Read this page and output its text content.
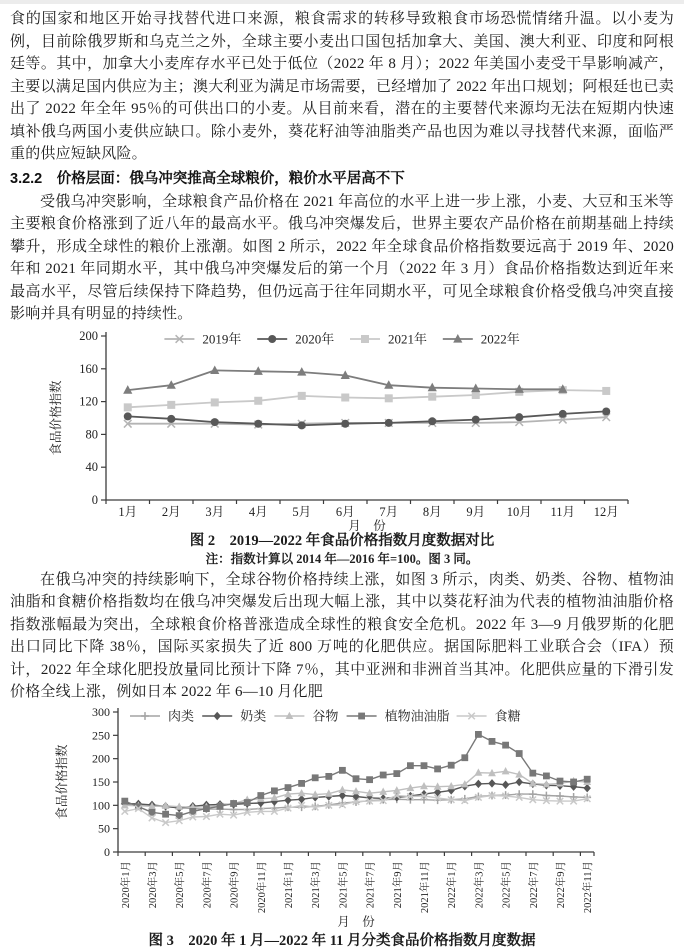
食的国家和地区开始寻找替代进口来源，粮食需求的转移导致粮食市场恐慌情绪升温。以小麦为例，目前除俄罗斯和乌克兰之外，全球主要小麦出口国包括加拿大、美国、澳大利亚、印度和阿根廷等。其中，加拿大小麦库存水平已处于低位（2022 年 8 月）；2022 年美国小麦受干旱影响减产，主要以满足国内供应为主；澳大利亚为满足市场需要，已经增加了 2022 年出口规划；阿根廷也已卖出了 2022 年全年 95％的可供出口的小麦。从目前来看，潜在的主要替代来源均无法在短期内快速填补俄乌两国小麦供应缺口。除小麦外，葵花籽油等油脂类产品也因为难以寻找替代来源，面临严重的供应短缺风险。

3.2.2　价格层面：俄乌冲突推高全球粮价，粮价水平居高不下

受俄乌冲突影响，全球粮食产品价格在 2021 年高位的水平上进一步上涨，小麦、大豆和玉米等主要粮食价格涨到了近八年的最高水平。俄乌冲突爆发后，世界主要农产品价格在前期基础上持续攀升，形成全球性的粮价上涨潮。如图 2 所示，2022 年全球食品价格指数要远高于 2019 年、2020 年和 2021 年同期水平，其中俄乌冲突爆发后的第一个月（2022 年 3 月）食品价格指数达到近年来最高水平，尽管后续保持下降趋势，但仍远高于往年同期水平，可见全球粮食价格受俄乌冲突直接影响并具有明显的持续性。

0
40
80
120
160
200
1月 2月 3月 4月 5月 6月 7月 8月 9月 10月 11月 12月
月　份
食品价格指数
2019年	2020年	2021年	2022年

图 2　2019—2022 年食品价格指数月度数据对比

注：指数计算以 2014 年—2016 年=100。图 3 同。

在俄乌冲突的持续影响下，全球谷物价格持续上涨，如图 3 所示，肉类、奶类、谷物、植物油油脂和食糖价格指数均在俄乌冲突爆发后出现大幅上涨，其中以葵花籽油为代表的植物油油脂价格指数涨幅最为突出，全球粮食价格普涨造成全球性的粮食安全危机。2022 年 3—9 月俄罗斯的化肥出口同比下降 38％，国际买家损失了近 800 万吨的化肥供应。据国际肥料工业联合会（IFA）预计，2022 年全球化肥投放量同比预计下降 7％，其中亚洲和非洲首当其冲。化肥供应量的下滑引发价格全线上涨，例如日本 2022 年 6—10 月化肥

0
50
100
150
200
250
300
2020年1月 2020年3月 2020年5月 2020年7月 2020年9月 2020年11月 2021年1月 2021年3月 2021年5月 2021年7月 2021年9月 2021年11月 2022年1月 2022年3月 2022年5月 2022年7月 2022年9月 2022年11月
月　份
食品价格指数
肉类	奶类	谷物	植物油油脂	食糖

图 3　2020 年 1 月—2022 年 11 月分类食品价格指数月度数据
